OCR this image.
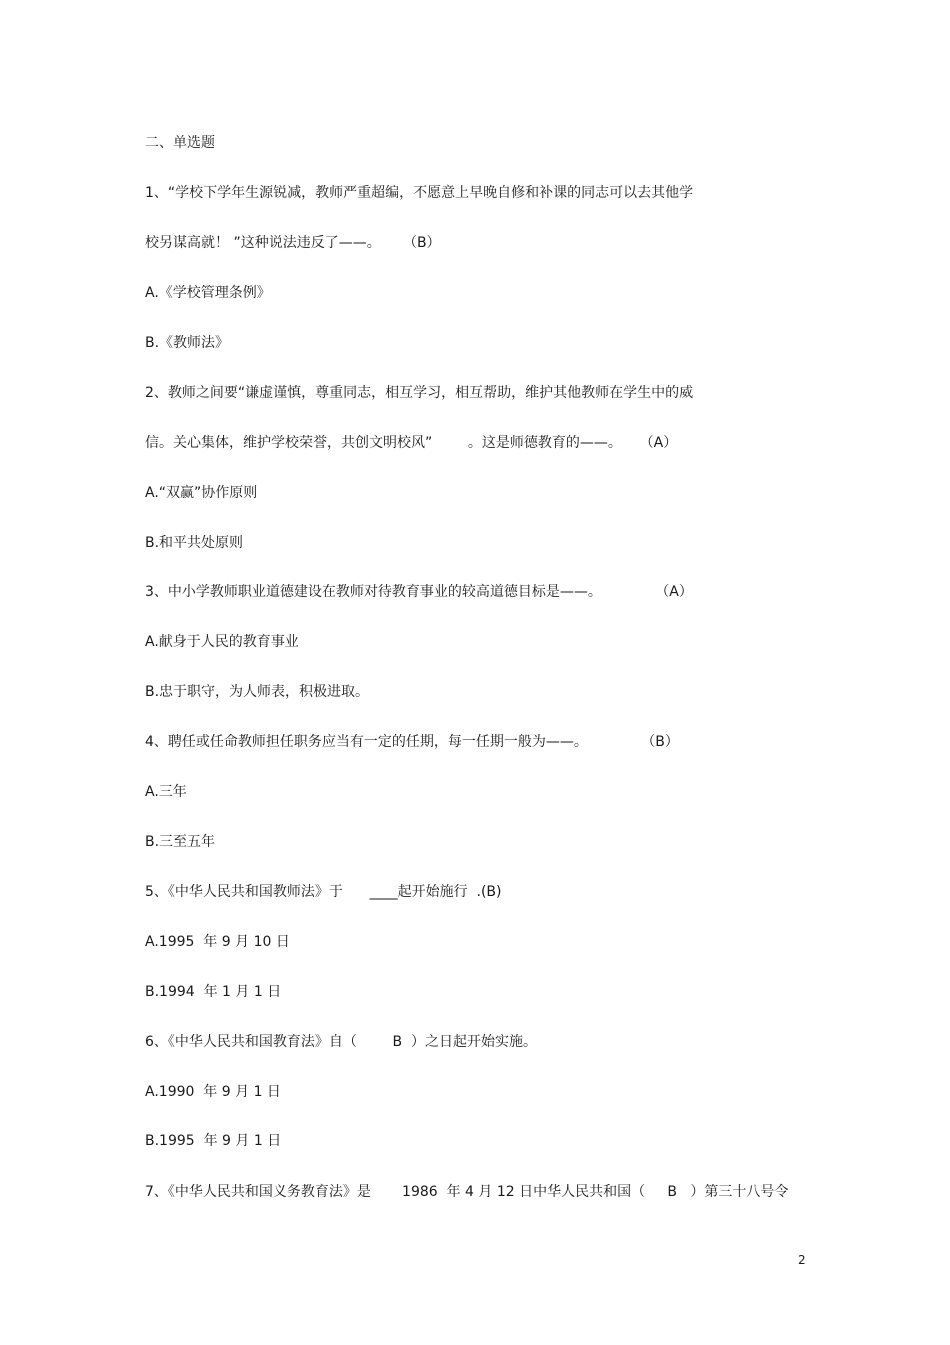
二、单选题
1、“学校下学年生源锐减，教师严重超编，不愿意上早晚自修和补课的同志可以去其他学
校另谋高就！ ”这种说法违反了——。     （B）
A.《学校管理条例》
B.《教师法》
2、教师之间要“谦虚谨慎，尊重同志，相互学习，相互帮助，维护其他教师在学生中的威
信。关心集体，维护学校荣誉，共创文明校风”        。这是师德教育的——。    （A）
A.“双赢”协作原则
B.和平共处原则
3、中小学教师职业道德建设在教师对待教育事业的较高道德目标是——。            （A）
A.献身于人民的教育事业
B.忠于职守，为人师表，积极进取。
4、聘任或任命教师担任职务应当有一定的任期，每一任期一般为——。            （B）
A.三年
B.三至五年
5、《中华人民共和国教师法》于      ____起开始施行  .(B)
A.1995  年 9 月 10 日
B.1994  年 1 月 1 日
6、《中华人民共和国教育法》自（        B  ）之日起开始实施。
A.1990  年 9 月 1 日
B.1995  年 9 月 1 日
7、《中华人民共和国义务教育法》是       1986  年 4 月 12 日中华人民共和国（     B   ）第三十八号令
2
